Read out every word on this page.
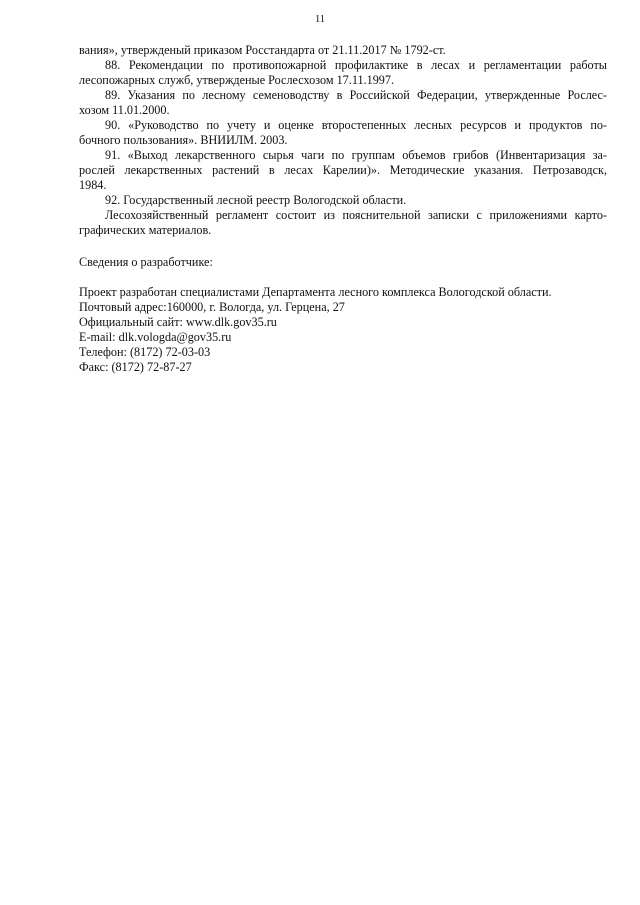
11

вания», утвержденый приказом Росстандарта от 21.11.2017 № 1792-ст.

88. Рекомендации по противопожарной профилактике в лесах и регламентации работы
лесопожарных служб, утвержденые Рослесхозом 17.11.1997.

89. Указания по лесному семеноводству в Российской Федерации, утвержденные Рослес-
хозом 11.01.2000.

90. «Руководство по учету и оценке второстепенных лесных ресурсов и продуктов по-
бочного пользования». ВНИИЛМ. 2003.

91. «Выход лекарственного сырья чаги по группам объемов грибов (Инвентаризация за-
рослей лекарственных растений в лесах Карелии)». Методические указания. Петрозаводск,
1984.

92. Государственный лесной реестр Вологодской области.

Лесохозяйственный регламент состоит из пояснительной записки с приложениями карто-
графических материалов.

Сведения о разработчике:

Проект разработан специалистами Департамента лесного комплекса Вологодской области.
Почтовый адрес:160000, г. Вологда, ул. Герцена, 27
Официальный сайт: www.dlk.gov35.ru
E-mail: dlk.vologda@gov35.ru
Телефон: (8172) 72-03-03
Факс: (8172) 72-87-27
